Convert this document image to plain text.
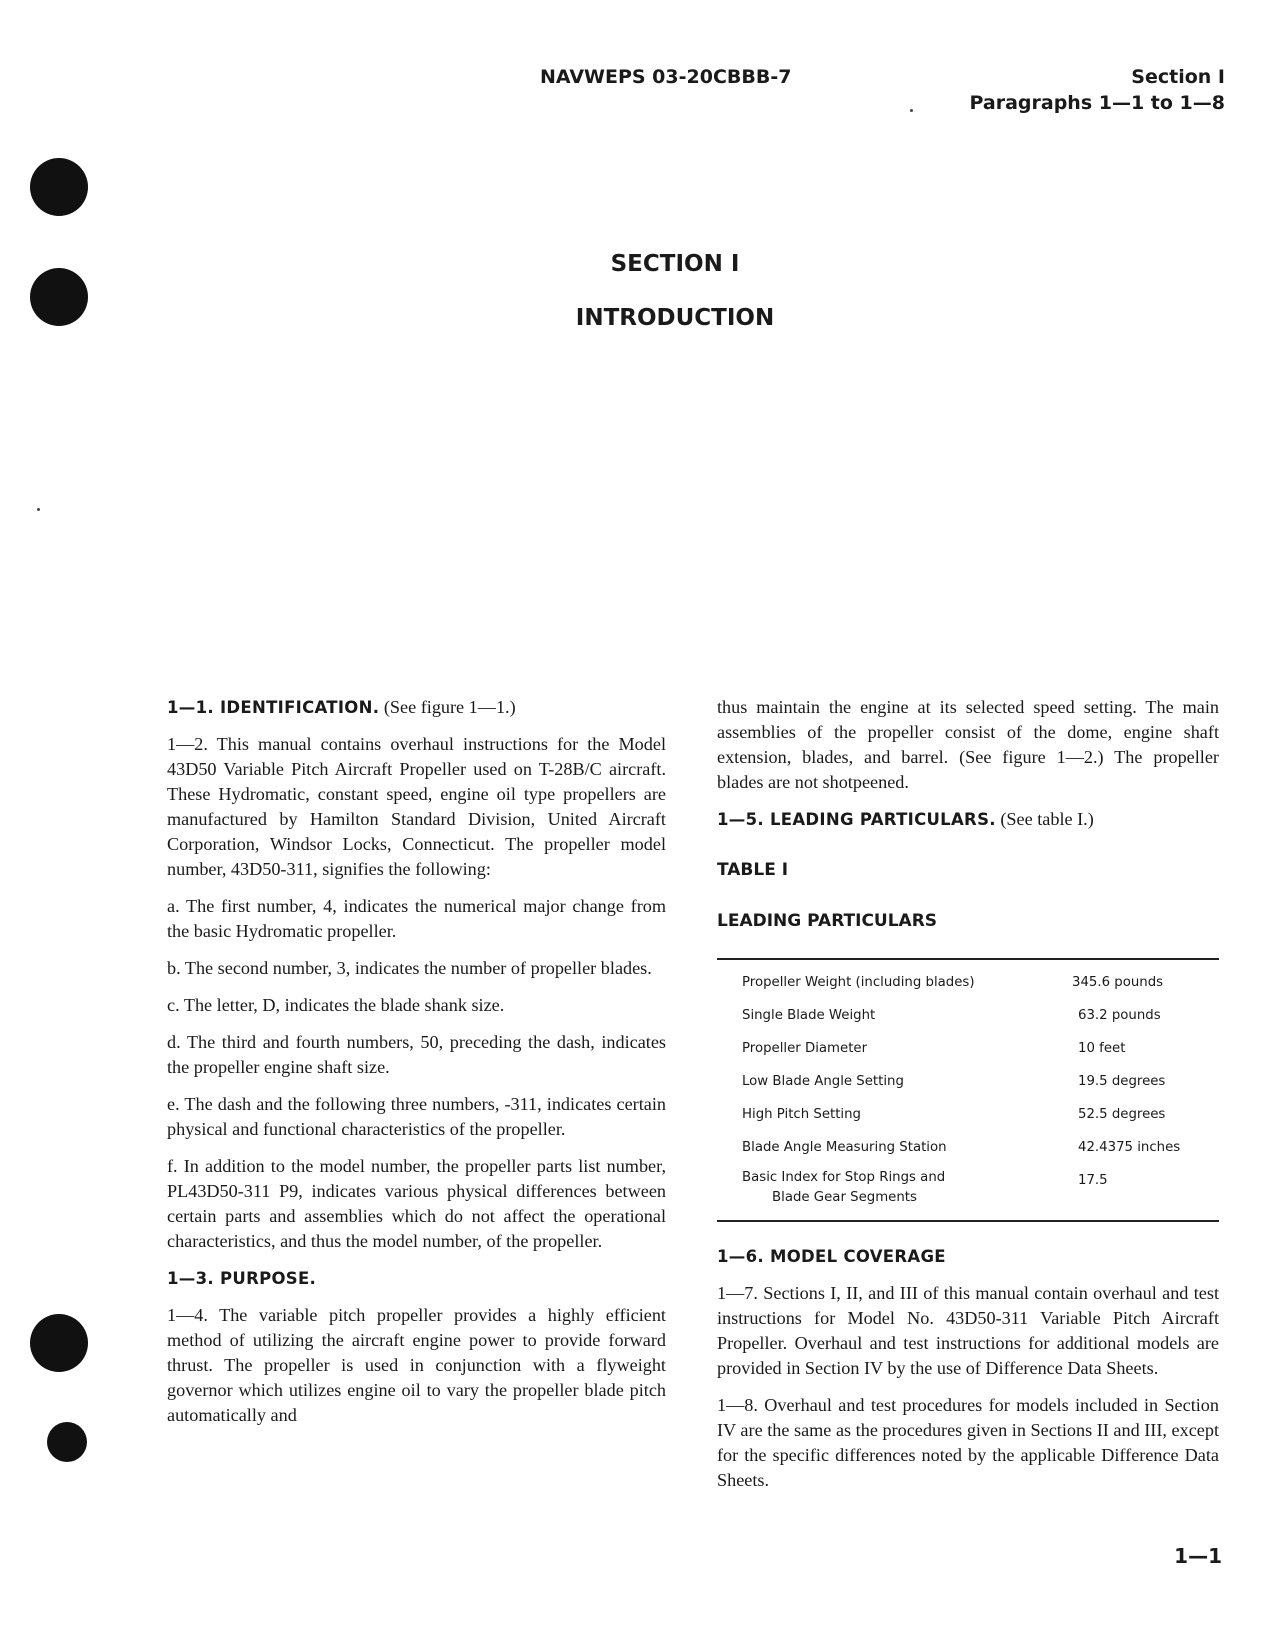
NAVWEPS 03-20CBBB-7	Section I
Paragraphs 1—1 to 1—8
SECTION I
INTRODUCTION

1—1. IDENTIFICATION. (See figure 1—1.)

1—2. This manual contains overhaul instructions for the Model 43D50 Variable Pitch Aircraft Propeller used on T-28B/C aircraft. These Hydromatic, constant speed, engine oil type propellers are manufactured by Hamilton Standard Division, United Aircraft Corporation, Windsor Locks, Connecticut. The propeller model number, 43D50-311, signifies the following:

a. The first number, 4, indicates the numerical major change from the basic Hydromatic propeller.

b. The second number, 3, indicates the number of propeller blades.

c. The letter, D, indicates the blade shank size.

d. The third and fourth numbers, 50, preceding the dash, indicates the propeller engine shaft size.

e. The dash and the following three numbers, -311, indicates certain physical and functional characteristics of the propeller.

f. In addition to the model number, the propeller parts list number, PL43D50-311 P9, indicates various physical differences between certain parts and assemblies which do not affect the operational characteristics, and thus the model number, of the propeller.

1—3. PURPOSE.

1—4. The variable pitch propeller provides a highly efficient method of utilizing the aircraft engine power to provide forward thrust. The propeller is used in conjunction with a flyweight governor which utilizes engine oil to vary the propeller blade pitch automatically and

thus maintain the engine at its selected speed setting. The main assemblies of the propeller consist of the dome, engine shaft extension, blades, and barrel. (See figure 1—2.) The propeller blades are not shotpeened.

1—5. LEADING PARTICULARS. (See table I.)

TABLE I

LEADING PARTICULARS

Propeller Weight (including blades)	345.6 pounds
Single Blade Weight	63.2 pounds
Propeller Diameter	10 feet
Low Blade Angle Setting	19.5 degrees
High Pitch Setting	52.5 degrees
Blade Angle Measuring Station	42.4375 inches

Basic Index for Stop Rings and
Blade Gear Segments	17.5

1—6. MODEL COVERAGE

1—7. Sections I, II, and III of this manual contain overhaul and test instructions for Model No. 43D50-311 Variable Pitch Aircraft Propeller. Overhaul and test instructions for additional models are provided in Section IV by the use of Difference Data Sheets.

1—8. Overhaul and test procedures for models included in Section IV are the same as the procedures given in Sections II and III, except for the specific differences noted by the applicable Difference Data Sheets.

1—1
